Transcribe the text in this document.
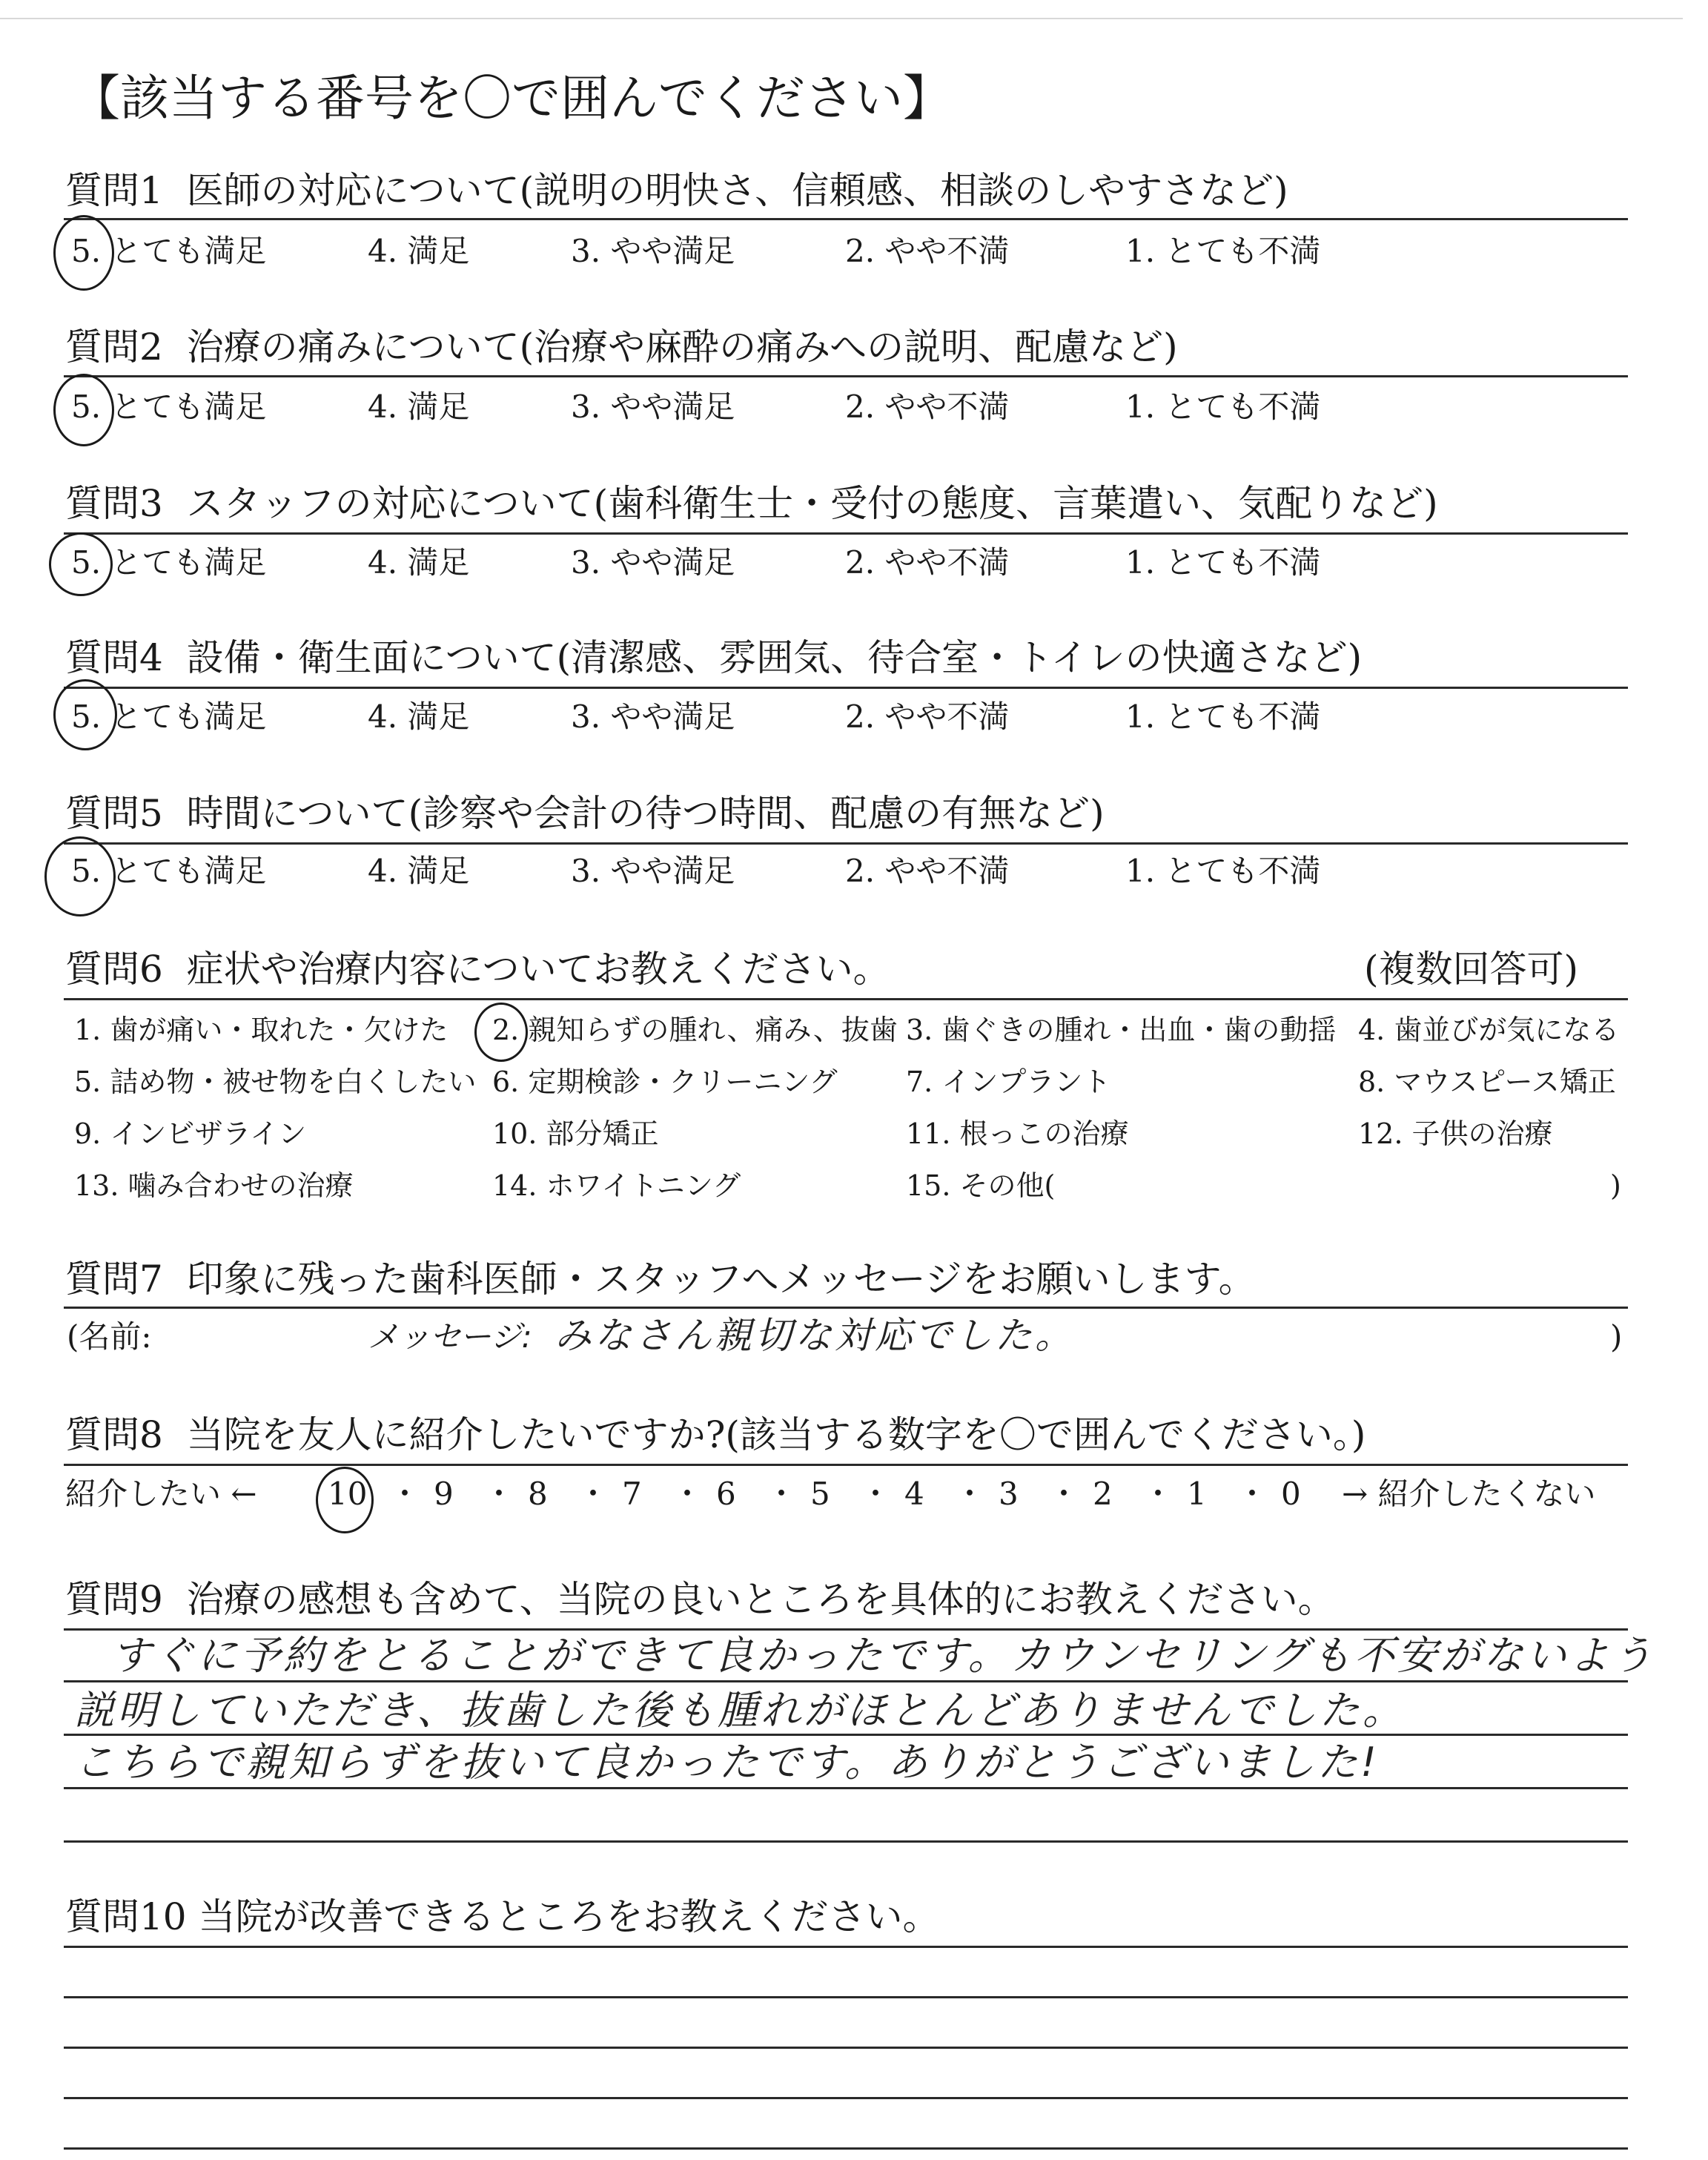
【該当する番号を〇で囲んでください】
質問1 医師の対応について(説明の明快さ、信頼感、相談のしやすさなど)
5. とても満足	4. 満足	3. やや満足	2. やや不満	1. とても不満
質問2 治療の痛みについて(治療や麻酔の痛みへの説明、配慮など)
5. とても満足	4. 満足	3. やや満足	2. やや不満	1. とても不満
質問3 スタッフの対応について(歯科衛生士・受付の態度、言葉遣い、気配りなど)
5. とても満足	4. 満足	3. やや満足	2. やや不満	1. とても不満
質問4 設備・衛生面について(清潔感、雰囲気、待合室・トイレの快適さなど)
5. とても満足	4. 満足	3. やや満足	2. やや不満	1. とても不満
質問5 時間について(診察や会計の待つ時間、配慮の有無など)
5. とても満足	4. 満足	3. やや満足	2. やや不満	1. とても不満
質問6 症状や治療内容についてお教えください。	(複数回答可)
1. 歯が痛い・取れた・欠けた 2. 親知らずの腫れ、痛み、抜歯 3. 歯ぐきの腫れ・出血・歯の動揺 4. 歯並びが気になる
5. 詰め物・被せ物を白くしたい 6. 定期検診・クリーニング 7. インプラント	8. マウスピース矯正
9. インビザライン	10. 部分矯正	11. 根っこの治療	12. 子供の治療
13. 噛み合わせの治療	14. ホワイトニング	15. その他(	)
質問7 印象に残った歯科医師・スタッフへメッセージをお願いします。
(名前:	メッセージ: みなさん親切な対応でした。	)
質問8 当院を友人に紹介したいですか?(該当する数字を〇で囲んでください。)
紹介したい ← 10 ・ 9 ・ 8 ・ 7 ・ 6 ・ 5 ・ 4 ・ 3 ・ 2 ・ 1 ・ 0 → 紹介したくない
質問9 治療の感想も含めて、当院の良いところを具体的にお教えください。
すぐに予約をとることができて良かったです。カウンセリングも不安がないよう
説明していただき、抜歯した後も腫れがほとんどありませんでした。
こちらで親知らずを抜いて良かったです。ありがとうございました!
質問10 当院が改善できるところをお教えください。
